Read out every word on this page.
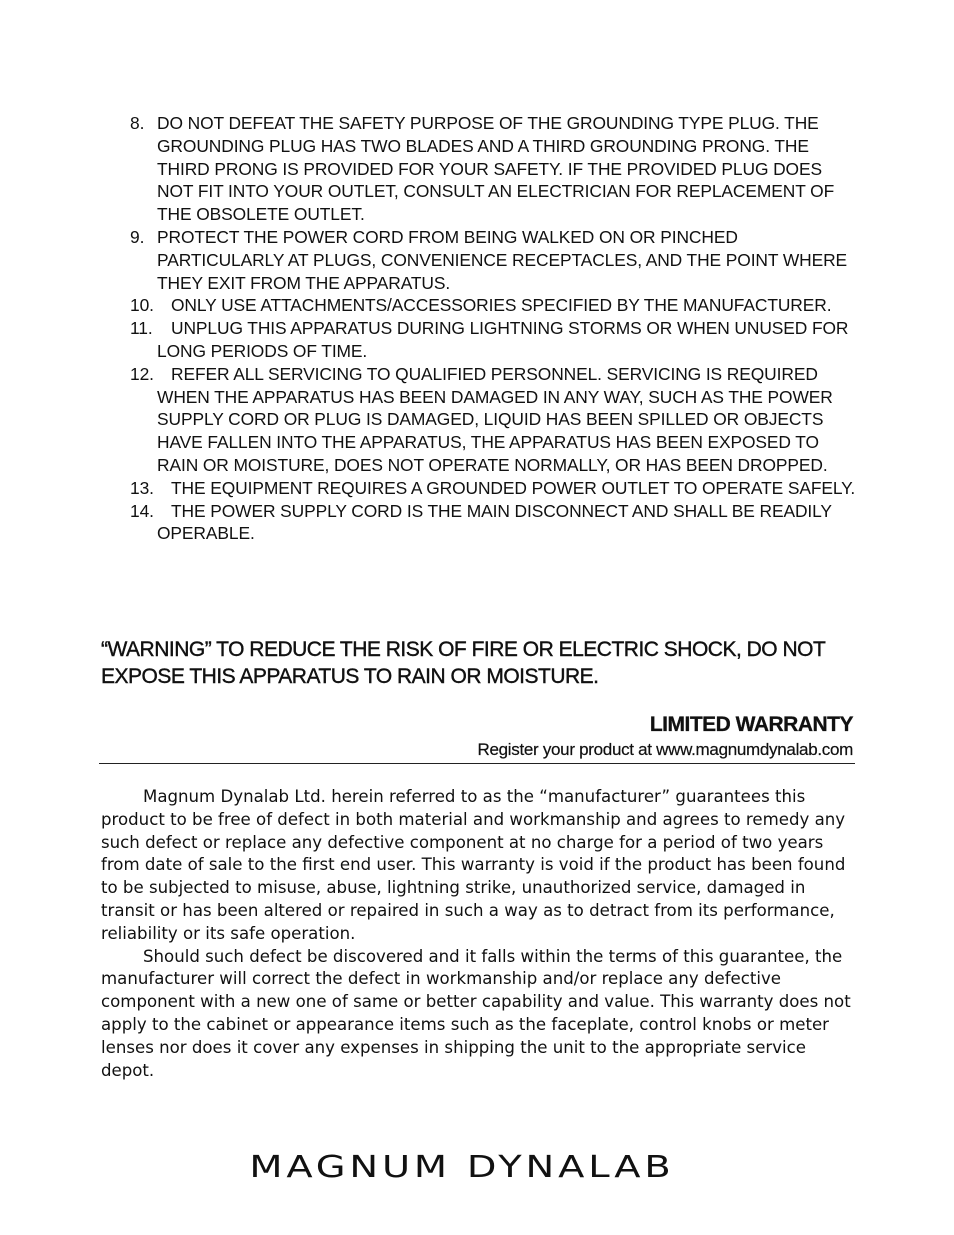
8. DO NOT DEFEAT THE SAFETY PURPOSE OF THE GROUNDING TYPE PLUG. THE GROUNDING PLUG HAS TWO BLADES AND A THIRD GROUNDING PRONG. THE THIRD PRONG IS PROVIDED FOR YOUR SAFETY. IF THE PROVIDED PLUG DOES NOT FIT INTO YOUR OUTLET, CONSULT AN ELECTRICIAN FOR REPLACEMENT OF THE OBSOLETE OUTLET.
9. PROTECT THE POWER CORD FROM BEING WALKED ON OR PINCHED PARTICULARLY AT PLUGS, CONVENIENCE RECEPTACLES, AND THE POINT WHERE THEY EXIT FROM THE APPARATUS.
10. ONLY USE ATTACHMENTS/ACCESSORIES SPECIFIED BY THE MANUFACTURER.
11.	UNPLUG THIS APPARATUS DURING LIGHTNING STORMS OR WHEN UNUSED FOR LONG PERIODS OF TIME.
12. REFER ALL SERVICING TO QUALIFIED PERSONNEL. SERVICING IS REQUIRED WHEN THE APPARATUS HAS BEEN DAMAGED IN ANY WAY, SUCH AS THE POWER SUPPLY CORD OR PLUG IS DAMAGED, LIQUID HAS BEEN SPILLED OR OBJECTS HAVE FALLEN INTO THE APPARATUS, THE APPARATUS HAS BEEN EXPOSED TO RAIN OR MOISTURE, DOES NOT OPERATE NORMALLY, OR HAS BEEN DROPPED.
13. THE EQUIPMENT REQUIRES A GROUNDED POWER OUTLET TO OPERATE SAFELY.
14. THE POWER SUPPLY CORD IS THE MAIN DISCONNECT AND SHALL BE READILY OPERABLE.

“WARNING” TO REDUCE THE RISK OF FIRE OR ELECTRIC SHOCK, DO NOT EXPOSE THIS APPARATUS TO RAIN OR MOISTURE.

LIMITED WARRANTY

Register your product at www.magnumdynalab.com

Magnum Dynalab Ltd. herein referred to as the “manufacturer” guarantees this product to be free of defect in both material and workmanship and agrees to remedy any such defect or replace any defective component at no charge for a period of two years from date of sale to the first end user. This warranty is void if the product has been found to be subjected to misuse, abuse, lightning strike, unauthorized service, damaged in transit or has been altered or repaired in such a way as to detract from its performance, reliability or its safe operation.

Should such defect be discovered and it falls within the terms of this guarantee, the manufacturer will correct the defect in workmanship and/or replace any defective component with a new one of same or better capability and value. This warranty does not apply to the cabinet or appearance items such as the faceplate, control knobs or meter lenses nor does it cover any expenses in shipping the unit to the appropriate service depot.

MAGNUM DYNALAB
